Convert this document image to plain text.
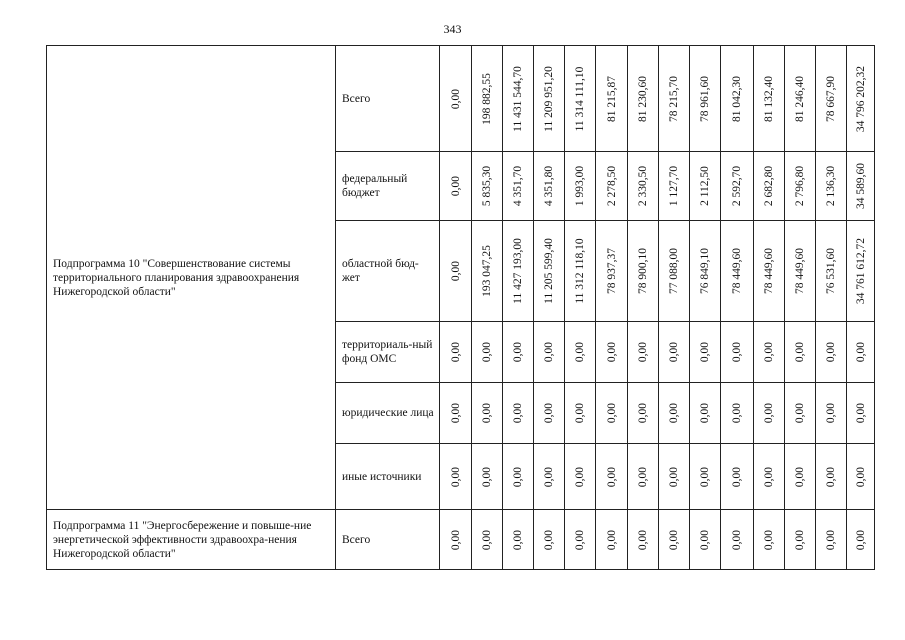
343
Подпрограмма 10 "Совершенствование системы территориального планирования здравоохранения Нижегородской области"	Всего	0,00	198 882,55	11 431 544,70	11 209 951,20	11 314 111,10	81 215,87	81 230,60	78 215,70	78 961,60	81 042,30	81 132,40	81 246,40	78 667,90	34 796 202,32

	федеральный бюджет	0,00	5 835,30	4 351,70	4 351,80	1 993,00	2 278,50	2 330,50	1 127,70	2 112,50	2 592,70	2 682,80	2 796,80	2 136,30	34 589,60

	областной бюд-жет	0,00	193 047,25	11 427 193,00	11 205 599,40	11 312 118,10	78 937,37	78 900,10	77 088,00	76 849,10	78 449,60	78 449,60	78 449,60	76 531,60	34 761 612,72

	территориаль-ный фонд ОМС	0,00	0,00	0,00	0,00	0,00	0,00	0,00	0,00	0,00	0,00	0,00	0,00	0,00	0,00

	юридические лица	0,00	0,00	0,00	0,00	0,00	0,00	0,00	0,00	0,00	0,00	0,00	0,00	0,00	0,00

	иные источники	0,00	0,00	0,00	0,00	0,00	0,00	0,00	0,00	0,00	0,00	0,00	0,00	0,00	0,00

Подпрограмма 11 "Энергосбережение и повыше-ние энергетической эффективности здравоохра-нения Нижегородской области"	Всего	0,00	0,00	0,00	0,00	0,00	0,00	0,00	0,00	0,00	0,00	0,00	0,00	0,00	0,00
